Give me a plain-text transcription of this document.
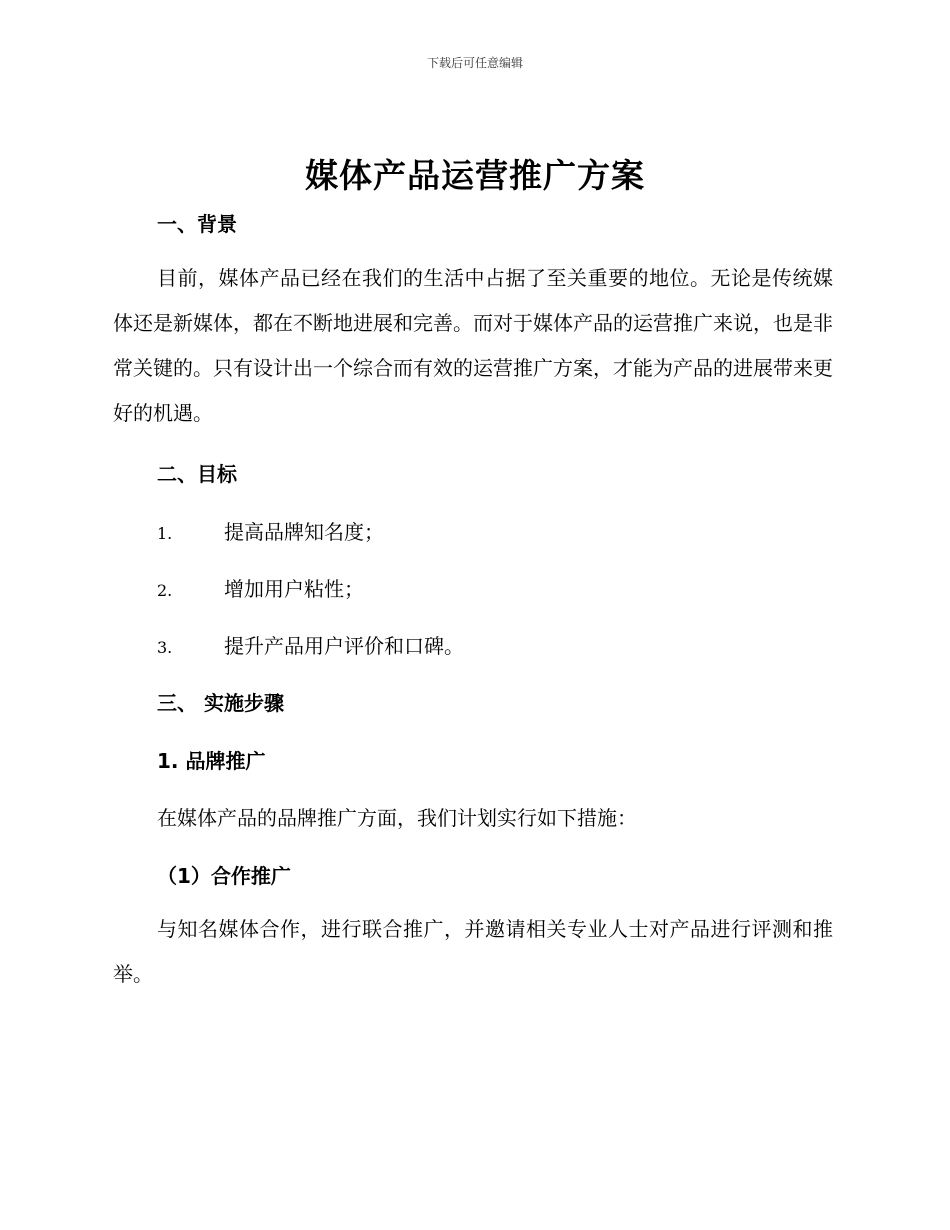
下载后可任意编辑
媒体产品运营推广方案
一、背景
目前，媒体产品已经在我们的生活中占据了至关重要的地位。无论是传统媒体还是新媒体，都在不断地进展和完善。而对于媒体产品的运营推广来说，也是非常关键的。只有设计出一个综合而有效的运营推广方案，才能为产品的进展带来更好的机遇。
二、目标
1.	提高品牌知名度；
2.	增加用户粘性；
3.	提升产品用户评价和口碑。
三、 实施步骤
1. 品牌推广
在媒体产品的品牌推广方面，我们计划实行如下措施：
（1）合作推广
与知名媒体合作，进行联合推广，并邀请相关专业人士对产品进行评测和推举。
